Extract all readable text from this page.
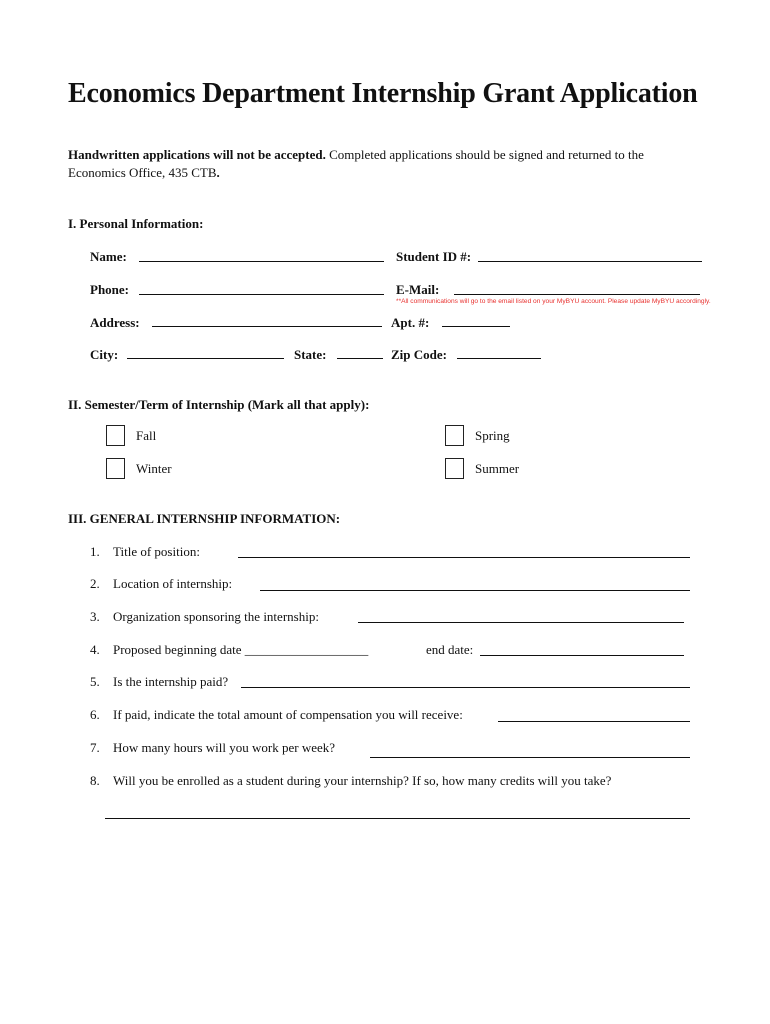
Economics Department Internship Grant Application
Handwritten applications will not be accepted. Completed applications should be signed and returned to the Economics Office, 435 CTB.
I. Personal Information:
Name:	Student ID #:
Phone:	E-Mail:
**All communications will go to the email listed on your MyBYU account. Please update MyBYU accordingly.
Address:	Apt. #:
City:	State:	Zip Code:
II. Semester/Term of Internship (Mark all that apply):
Fall	Spring
Winter	Summer
III. GENERAL INTERNSHIP INFORMATION:
1. Title of position:
2. Location of internship:
3. Organization sponsoring the internship:
4. Proposed beginning date ___________________	end date:
5. Is the internship paid?
6. If paid, indicate the total amount of compensation you will receive:
7. How many hours will you work per week?
8. Will you be enrolled as a student during your internship? If so, how many credits will you take?
